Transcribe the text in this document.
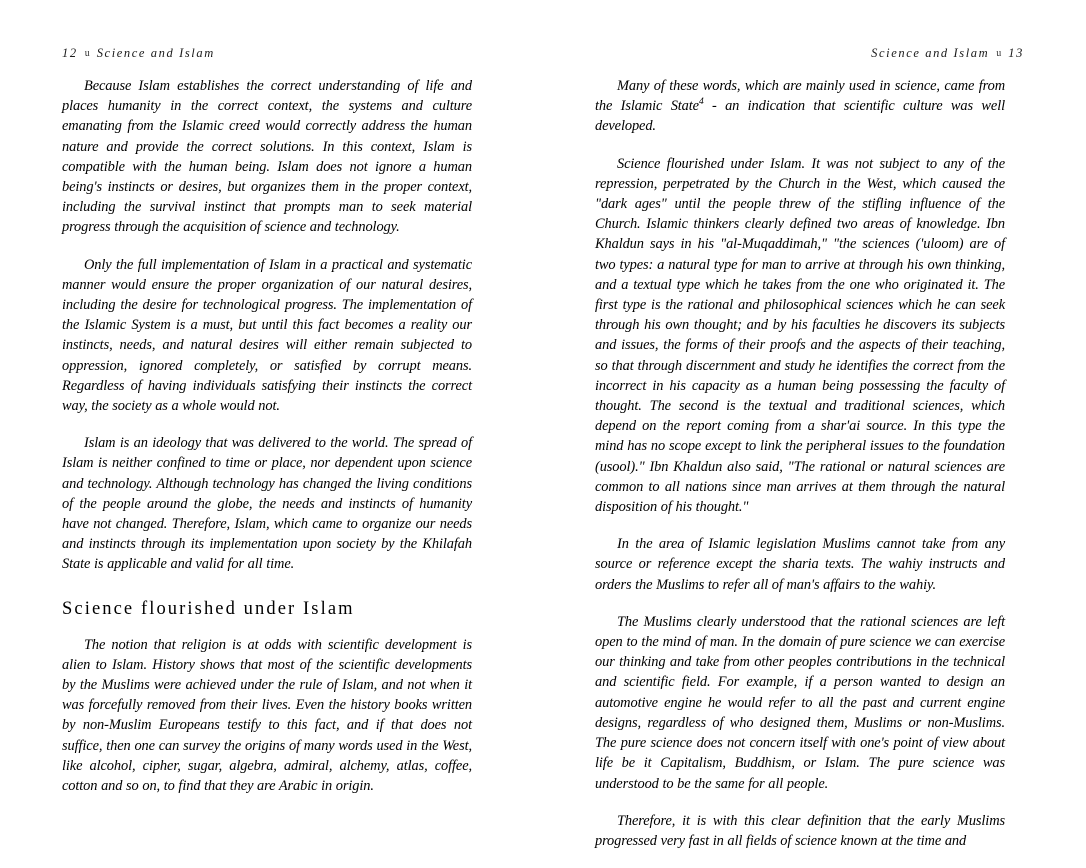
12 u Science and Islam

Because Islam establishes the correct understanding of life and places humanity in the correct context, the systems and culture emanating from the Islamic creed would correctly address the human nature and provide the correct solutions. In this context, Islam is compatible with the human being. Islam does not ignore a human being's instincts or desires, but organizes them in the proper context, including the survival instinct that prompts man to seek material progress through the acquisition of science and technology.

Only the full implementation of Islam in a practical and systematic manner would ensure the proper organization of our natural desires, including the desire for technological progress. The implementation of the Islamic System is a must, but until this fact becomes a reality our instincts, needs, and natural desires will either remain subjected to oppression, ignored completely, or satisfied by corrupt means. Regardless of having individuals satisfying their instincts the correct way, the society as a whole would not.

Islam is an ideology that was delivered to the world. The spread of Islam is neither confined to time or place, nor dependent upon science and technology. Although technology has changed the living conditions of the people around the globe, the needs and instincts of humanity have not changed. Therefore, Islam, which came to organize our needs and instincts through its implementation upon society by the Khilafah State is applicable and valid for all time.

Science flourished under Islam

The notion that religion is at odds with scientific development is alien to Islam. History shows that most of the scientific developments by the Muslims were achieved under the rule of Islam, and not when it was forcefully removed from their lives. Even the history books written by non-Muslim Europeans testify to this fact, and if that does not suffice, then one can survey the origins of many words used in the West, like alcohol, cipher, sugar, algebra, admiral, alchemy, atlas, coffee, cotton and so on, to find that they are Arabic in origin.

Science and Islam u 13

Many of these words, which are mainly used in science, came from the Islamic State$^4$ - an indication that scientific culture was well developed.

Science flourished under Islam. It was not subject to any of the repression, perpetrated by the Church in the West, which caused the "dark ages" until the people threw of the stifling influence of the Church. Islamic thinkers clearly defined two areas of knowledge. Ibn Khaldun says in his "al-Muqaddimah," "the sciences ('uloom) are of two types: a natural type for man to arrive at through his own thinking, and a textual type which he takes from the one who originated it. The first type is the rational and philosophical sciences which he can seek through his own thought; and by his faculties he discovers its subjects and issues, the forms of their proofs and the aspects of their teaching, so that through discernment and study he identifies the correct from the incorrect in his capacity as a human being possessing the faculty of thought. The second is the textual and traditional sciences, which depend on the report coming from a shar'ai source. In this type the mind has no scope except to link the peripheral issues to the foundation (usool)." Ibn Khaldun also said, "The rational or natural sciences are common to all nations since man arrives at them through the natural disposition of his thought."

In the area of Islamic legislation Muslims cannot take from any source or reference except the sharia texts. The wahiy instructs and orders the Muslims to refer all of man's affairs to the wahiy.

The Muslims clearly understood that the rational sciences are left open to the mind of man. In the domain of pure science we can exercise our thinking and take from other peoples contributions in the technical and scientific field. For example, if a person wanted to design an automotive engine he would refer to all the past and current engine designs, regardless of who designed them, Muslims or non-Muslims. The pure science does not concern itself with one's point of view about life be it Capitalism, Buddhism, or Islam. The pure science was understood to be the same for all people.

Therefore, it is with this clear definition that the early Muslims progressed very fast in all fields of science known at the time and
